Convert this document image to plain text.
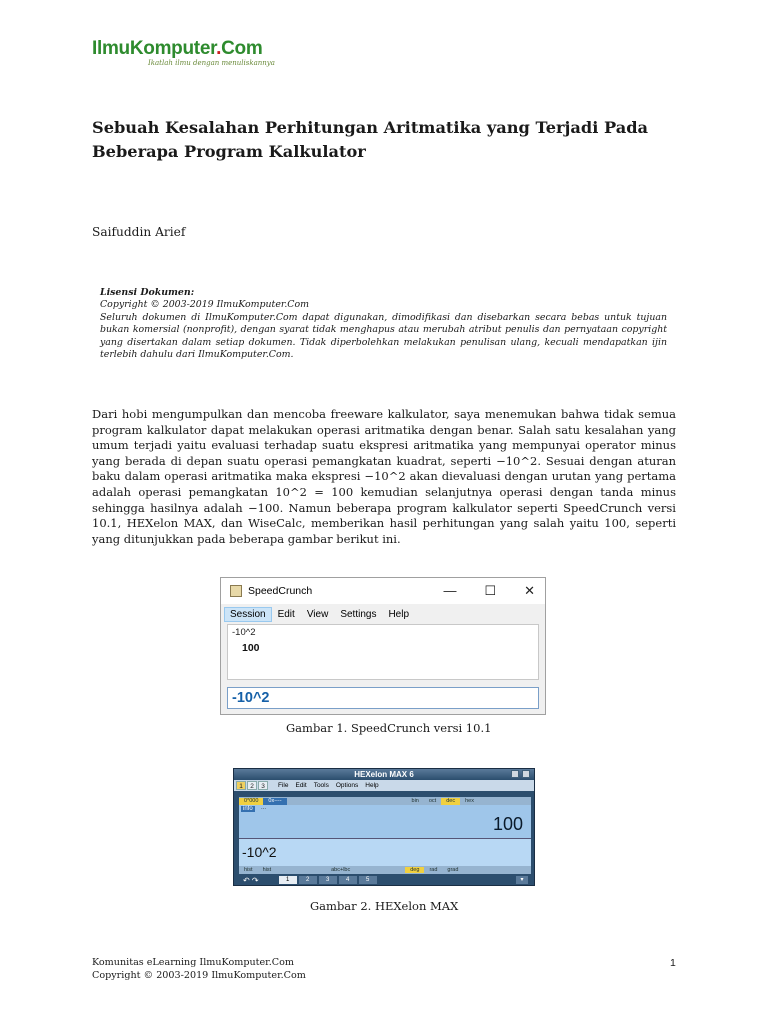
IlmuKomputer.Com
Ikatlah ilmu dengan menuliskannya
Sebuah Kesalahan Perhitungan Aritmatika yang Terjadi Pada Beberapa Program Kalkulator
Saifuddin Arief
Lisensi Dokumen:
Copyright © 2003-2019 IlmuKomputer.Com
Seluruh dokumen di IlmuKomputer.Com dapat digunakan, dimodifikasi dan disebarkan secara bebas untuk tujuan bukan komersial (nonprofit), dengan syarat tidak menghapus atau merubah atribut penulis dan pernyataan copyright yang disertakan dalam setiap dokumen. Tidak diperbolehkan melakukan penulisan ulang, kecuali mendapatkan ijin terlebih dahulu dari IlmuKomputer.Com.
Dari hobi mengumpulkan dan mencoba freeware kalkulator, saya menemukan bahwa tidak semua program kalkulator dapat melakukan operasi aritmatika dengan benar. Salah satu kesalahan yang umum terjadi yaitu evaluasi terhadap suatu ekspresi aritmatika yang mempunyai operator minus yang berada di depan suatu operasi pemangkatan kuadrat, seperti −10^2. Sesuai dengan aturan baku dalam operasi aritmatika maka ekspresi −10^2 akan dievaluasi dengan urutan yang pertama adalah operasi pemangkatan 10^2 = 100 kemudian selanjutnya operasi dengan tanda minus sehingga hasilnya adalah −100. Namun beberapa program kalkulator seperti SpeedCrunch versi 10.1, HEXelon MAX, dan WiseCalc, memberikan hasil perhitungan yang salah yaitu 100, seperti yang ditunjukkan pada beberapa gambar berikut ini.
SpeedCrunch	— ☐ ✕
Session	Edit	View	Settings	Help
-10^2
100
-10^2
Gambar 1. SpeedCrunch versi 10.1
HEXelon MAX 6
1	2	3	File Edit Tools Options Help
0*000	0x----	bin	oct	dec	hex
info	...
100
-10^2
hist	hist	abc+lbc	deg	rad	grad
↶ ↷	1	2	3	4	5	▾
Gambar 2. HEXelon MAX
Komunitas eLearning IlmuKomputer.Com
Copyright © 2003-2019 IlmuKomputer.Com
1
